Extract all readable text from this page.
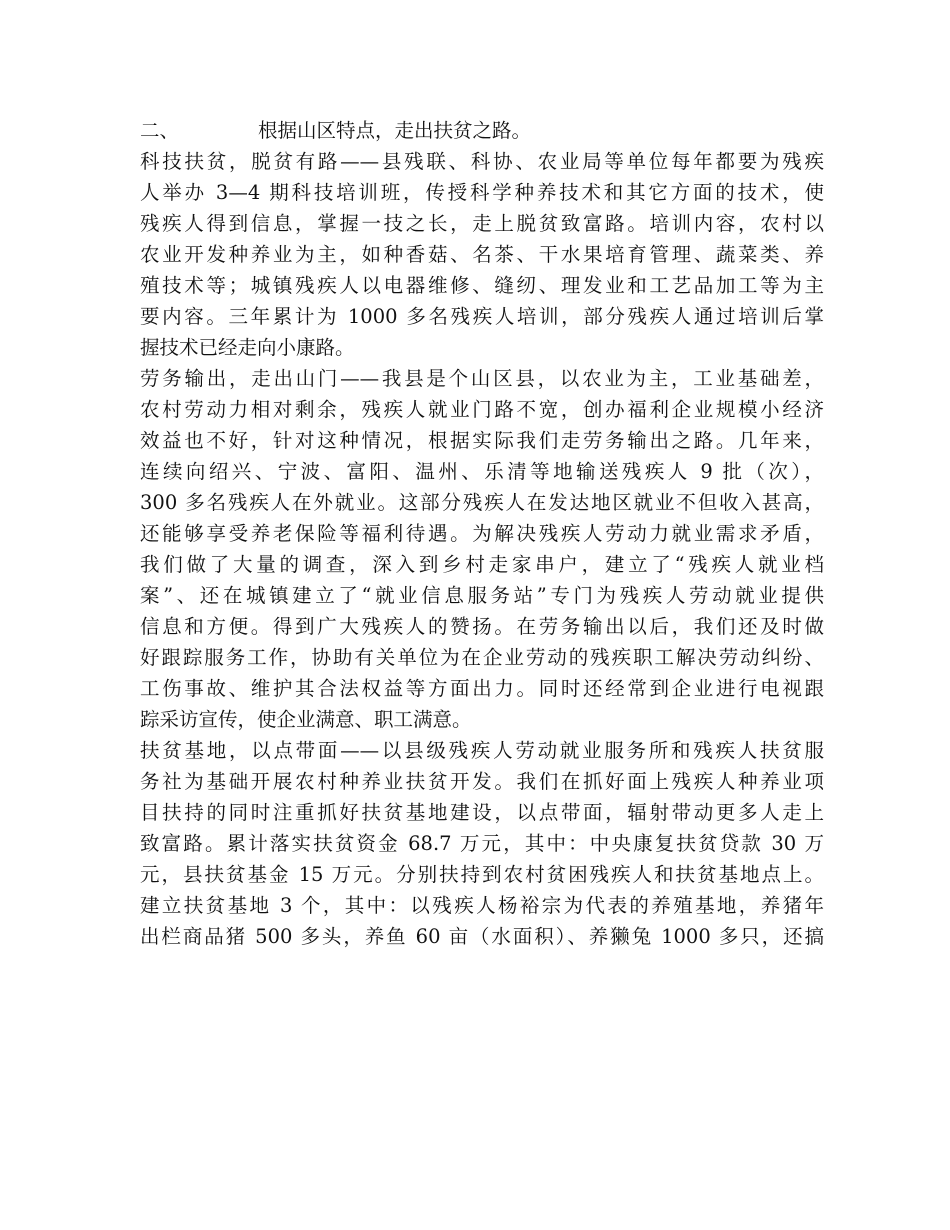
二、	根据山区特点，走出扶贫之路。
科技扶贫，脱贫有路——县残联、科协、农业局等单位每年都要为残疾
人举办 3—4 期科技培训班，传授科学种养技术和其它方面的技术，使
残疾人得到信息，掌握一技之长，走上脱贫致富路。培训内容，农村以
农业开发种养业为主，如种香菇、名茶、干水果培育管理、蔬菜类、养
殖技术等；城镇残疾人以电器维修、缝纫、理发业和工艺品加工等为主
要内容。三年累计为 1000 多名残疾人培训，部分残疾人通过培训后掌
握技术已经走向小康路。
劳务输出，走出山门——我县是个山区县，以农业为主，工业基础差，
农村劳动力相对剩余，残疾人就业门路不宽，创办福利企业规模小经济
效益也不好，针对这种情况，根据实际我们走劳务输出之路。几年来，
连续向绍兴、宁波、富阳、温州、乐清等地输送残疾人 9 批（次），
300 多名残疾人在外就业。这部分残疾人在发达地区就业不但收入甚高，
还能够享受养老保险等福利待遇。为解决残疾人劳动力就业需求矛盾，
我们做了大量的调查，深入到乡村走家串户，建立了“残疾人就业档
案”、还在城镇建立了“就业信息服务站”专门为残疾人劳动就业提供
信息和方便。得到广大残疾人的赞扬。在劳务输出以后，我们还及时做
好跟踪服务工作，协助有关单位为在企业劳动的残疾职工解决劳动纠纷、
工伤事故、维护其合法权益等方面出力。同时还经常到企业进行电视跟
踪采访宣传，使企业满意、职工满意。
扶贫基地，以点带面——以县级残疾人劳动就业服务所和残疾人扶贫服
务社为基础开展农村种养业扶贫开发。我们在抓好面上残疾人种养业项
目扶持的同时注重抓好扶贫基地建设，以点带面，辐射带动更多人走上
致富路。累计落实扶贫资金 68.7 万元，其中：中央康复扶贫贷款 30 万
元，县扶贫基金 15 万元。分别扶持到农村贫困残疾人和扶贫基地点上。
建立扶贫基地 3 个，其中：以残疾人杨裕宗为代表的养殖基地，养猪年
出栏商品猪 500 多头，养鱼 60 亩（水面积）、养獭兔 1000 多只，还搞
